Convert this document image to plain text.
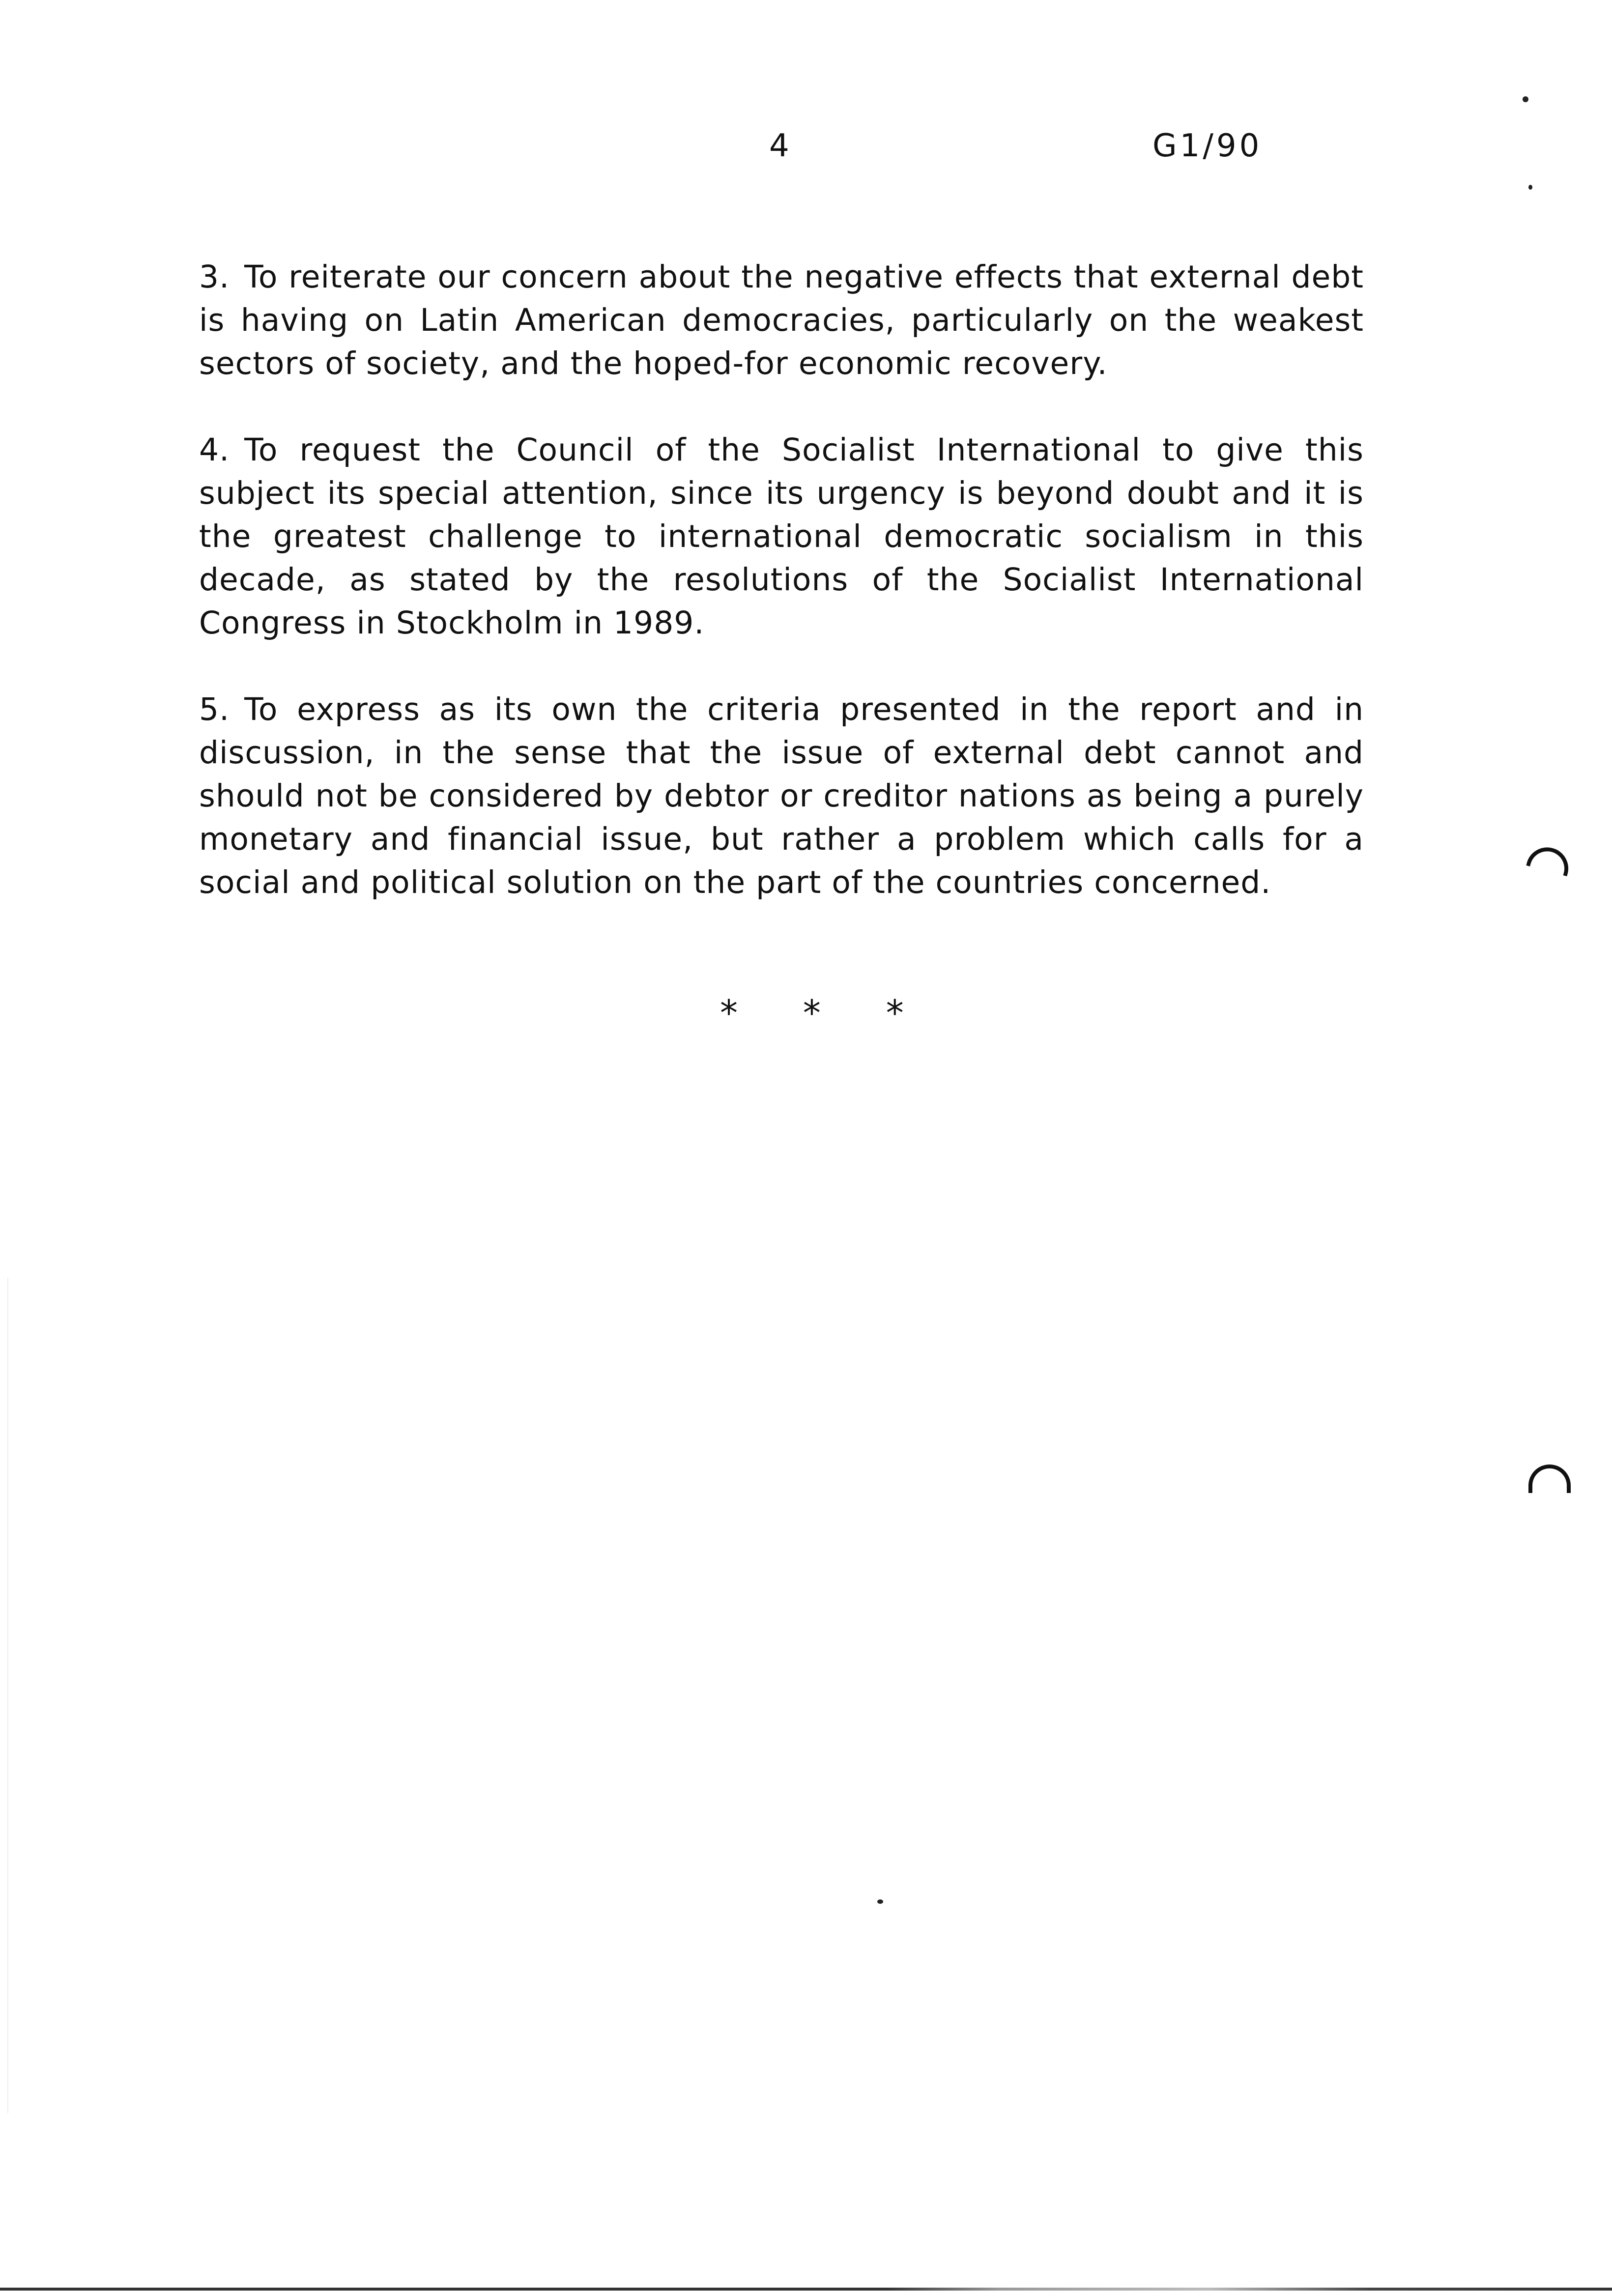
4	G1/90

3. To reiterate our concern about the negative effects that external debt is having on Latin American democracies, particularly on the weakest sectors of society, and the hoped-for economic recovery.

4. To request the Council of the Socialist International to give this subject its special attention, since its urgency is beyond doubt and it is the greatest challenge to international democratic socialism in this decade, as stated by the resolutions of the Socialist International Congress in Stockholm in 1989.

5. To express as its own the criteria presented in the report and in discussion, in the sense that the issue of external debt cannot and should not be considered by debtor or creditor nations as being a purely monetary and financial issue, but rather a problem which calls for a social and political solution on the part of the countries concerned.

* * *
